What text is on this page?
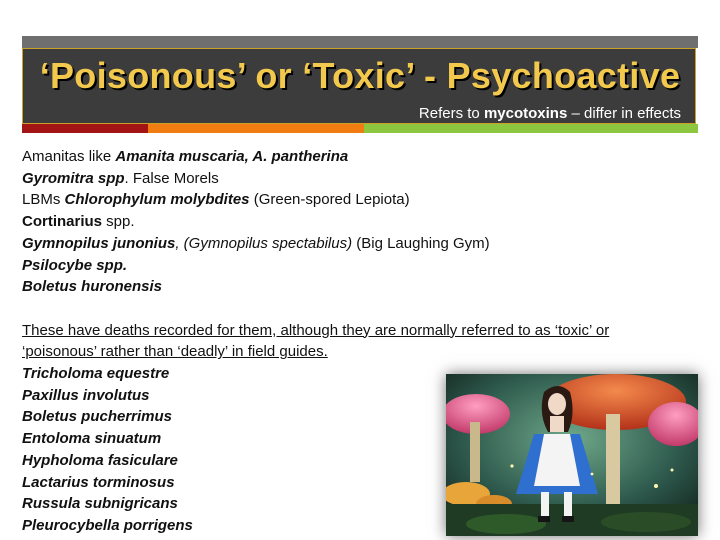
‘Poisonous’ or ‘Toxic’ - Psychoactive
Refers to mycotoxins – differ in effects
Amanitas like Amanita muscaria, A. pantherina
Gyromitra spp. False Morels
LBMs Chlorophylum molybdites (Green-spored Lepiota)
Cortinarius spp.
Gymnopilus junonius, (Gymnopilus spectabilus) (Big Laughing Gym)
Psilocybe spp.
Boletus huronensis
These have deaths recorded for them, although they are normally referred to as ‘toxic’ or
‘poisonous’ rather than ‘deadly’ in field guides.
Tricholoma equestre
Paxillus involutus
Boletus pucherrimus
Entoloma sinuatum
Hypholoma fasiculare
Lactarius torminosus
Russula subnigricans
Pleurocybella porrigens
